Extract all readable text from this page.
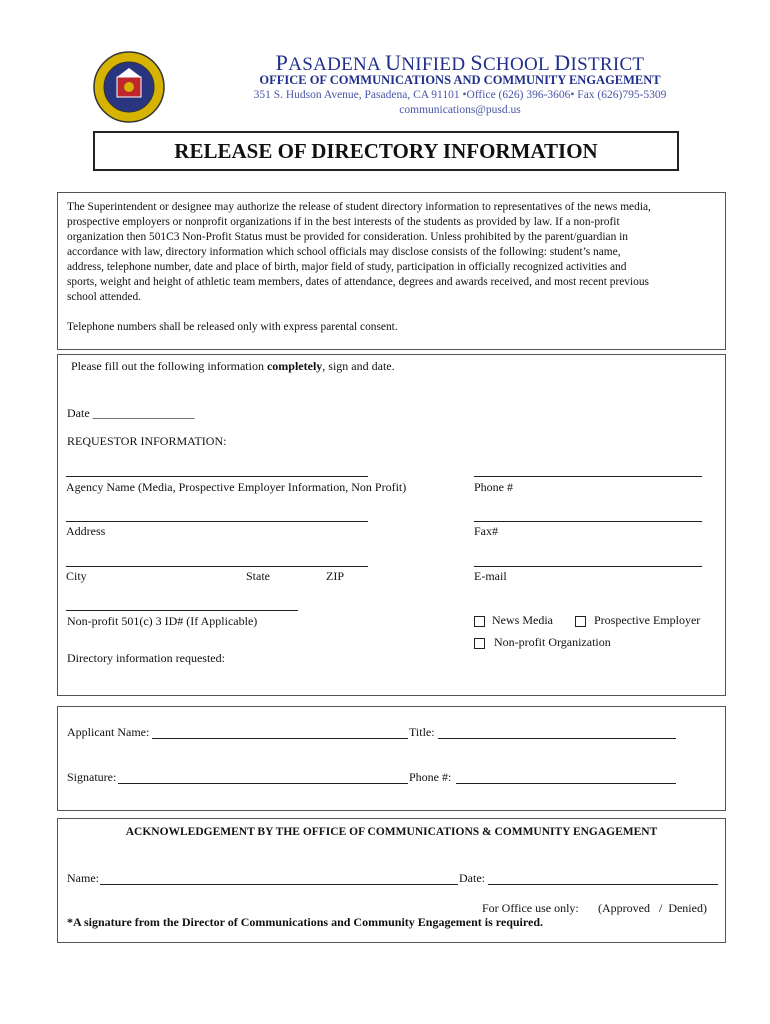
PASADENA UNIFIED SCHOOL DISTRICT
OFFICE OF COMMUNICATIONS AND COMMUNITY ENGAGEMENT
351 S. Hudson Avenue, Pasadena, CA 91101 •Office (626) 396-3606• Fax (626)795-5309
communications@pusd.us
RELEASE OF DIRECTORY INFORMATION
The Superintendent or designee may authorize the release of student directory information to representatives of the news media,
prospective employers or nonprofit organizations if in the best interests of the students as provided by law. If a non-profit
organization then 501C3 Non-Profit Status must be provided for consideration. Unless prohibited by the parent/guardian in
accordance with law, directory information which school officials may disclose consists of the following: student’s name,
address, telephone number, date and place of birth, major field of study, participation in officially recognized activities and
sports, weight and height of athletic team members, dates of attendance, degrees and awards received, and most recent previous
school attended.
Telephone numbers shall be released only with express parental consent.
Please fill out the following information completely, sign and date.
Date _________________
REQUESTOR INFORMATION:
Agency Name (Media, Prospective Employer Information, Non Profit)	Phone #
Address	Fax#
City	State	ZIP	E-mail
Non-profit 501(c) 3 ID# (If Applicable)	News Media	Prospective Employer
Non-profit Organization
Directory information requested:
Applicant Name:	Title:
Signature:	Phone #:
ACKNOWLEDGEMENT BY THE OFFICE OF COMMUNICATIONS & COMMUNITY ENGAGEMENT
Name:	Date:
For Office use only: (Approved   /  Denied)
*A signature from the Director of Communications and Community Engagement is required.
